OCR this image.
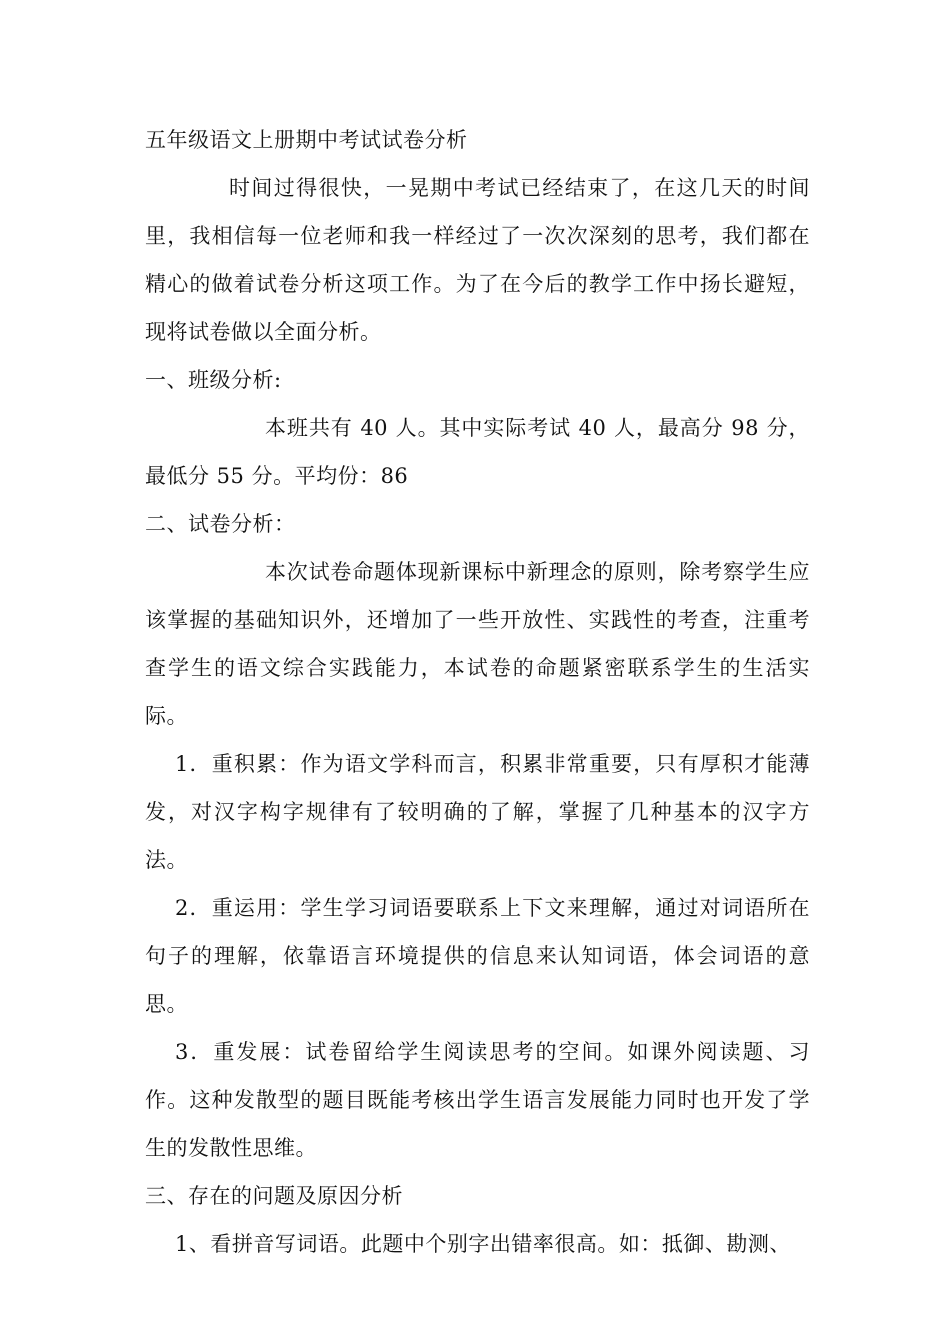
五年级语文上册期中考试试卷分析

时间过得很快，一晃期中考试已经结束了，在这几天的时间里，我相信每一位老师和我一样经过了一次次深刻的思考，我们都在精心的做着试卷分析这项工作。为了在今后的教学工作中扬长避短，现将试卷做以全面分析。

一、班级分析:

本班共有 40 人。其中实际考试 40 人，最高分 98 分，最低分 55 分。平均份：86

二、试卷分析：

本次试卷命题体现新课标中新理念的原则，除考察学生应该掌握的基础知识外，还增加了一些开放性、实践性的考查，注重考查学生的语文综合实践能力，本试卷的命题紧密联系学生的生活实际。

1．重积累：作为语文学科而言，积累非常重要，只有厚积才能薄发，对汉字构字规律有了较明确的了解，掌握了几种基本的汉字方法。

2．重运用：学生学习词语要联系上下文来理解，通过对词语所在句子的理解，依靠语言环境提供的信息来认知词语，体会词语的意思。

3．重发展：试卷留给学生阅读思考的空间。如课外阅读题、习作。这种发散型的题目既能考核出学生语言发展能力同时也开发了学生的发散性思维。

三、存在的问题及原因分析

1、看拼音写词语。此题中个别字出错率很高。如：抵御、勘测、
